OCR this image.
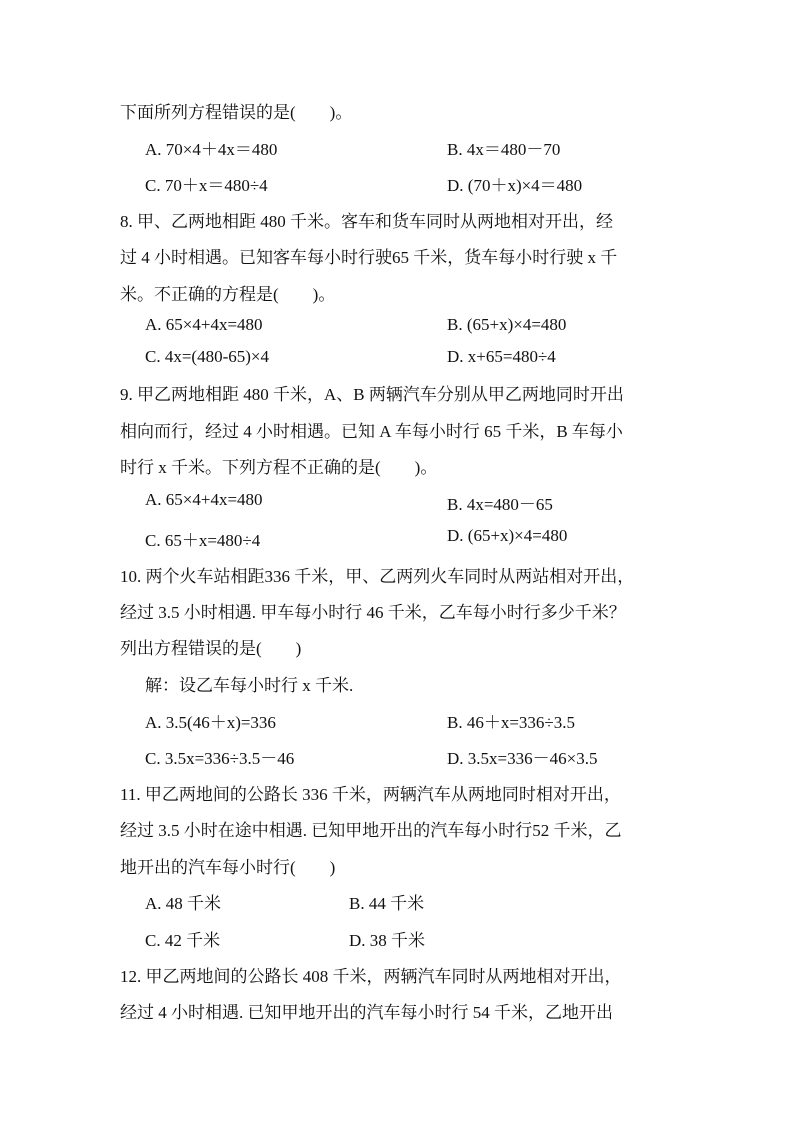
下面所列方程错误的是(　　)。
A. 70×4＋4x＝480	B. 4x＝480－70
C. 70＋x＝480÷4	D. (70＋x)×4＝480
8. 甲、乙两地相距 480 千米。客车和货车同时从两地相对开出，经
过 4 小时相遇。已知客车每小时行驶65 千米，货车每小时行驶 x 千
米。不正确的方程是(　　)。
A. 65×4+4x=480	B. (65+x)×4=480
C. 4x=(480-65)×4	D. x+65=480÷4
9. 甲乙两地相距 480 千米，A、B 两辆汽车分别从甲乙两地同时开出
相向而行，经过 4 小时相遇。已知 A 车每小时行 65 千米，B 车每小
时行 x 千米。下列方程不正确的是(　　)。
A. 65×4+4x=480	B. 4x=480－65
C. 65＋x=480÷4	D. (65+x)×4=480
10. 两个火车站相距336 千米，甲、乙两列火车同时从两站相对开出，
经过 3.5 小时相遇. 甲车每小时行 46 千米，乙车每小时行多少千米？
列出方程错误的是(　　)
解：设乙车每小时行 x 千米.
A. 3.5(46＋x)=336	B. 46＋x=336÷3.5
C. 3.5x=336÷3.5－46	D. 3.5x=336－46×3.5
11. 甲乙两地间的公路长 336 千米，两辆汽车从两地同时相对开出，
经过 3.5 小时在途中相遇. 已知甲地开出的汽车每小时行52 千米，乙
地开出的汽车每小时行(　　)
A. 48 千米	B. 44 千米
C. 42 千米	D. 38 千米
12. 甲乙两地间的公路长 408 千米，两辆汽车同时从两地相对开出，
经过 4 小时相遇. 已知甲地开出的汽车每小时行 54 千米，乙地开出
